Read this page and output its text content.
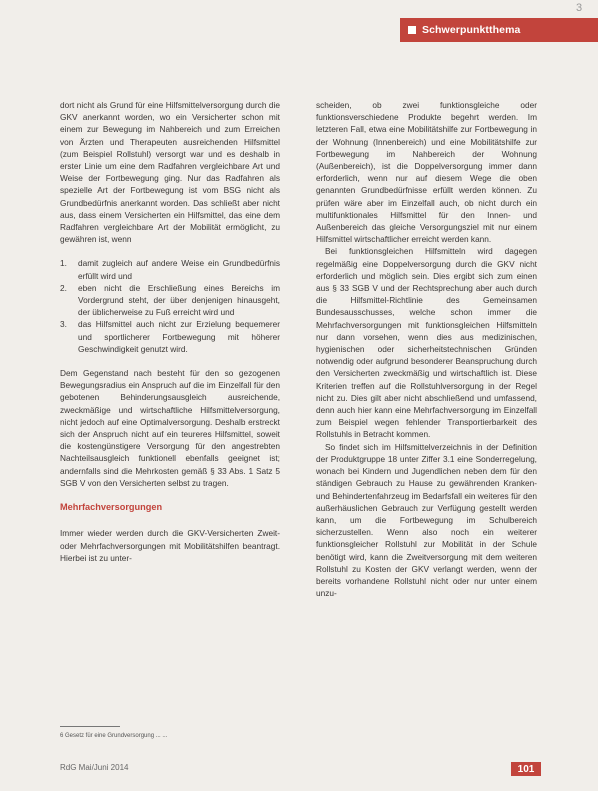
3
Schwerpunktthema

dort nicht als Grund für eine Hilfsmittelversorgung durch die GKV anerkannt worden, wo ein Versicherter schon mit einem zur Bewegung im Nahbereich und zum Erreichen von Ärzten und Therapeuten ausreichenden Hilfsmittel (zum Beispiel Rollstuhl) versorgt war und es deshalb in erster Linie um eine dem Radfahren vergleichbare Art und Weise der Fortbewegung ging. Nur das Radfahren als spezielle Art der Fortbewegung ist vom BSG nicht als Grundbedürfnis anerkannt worden. Das schließt aber nicht aus, dass einem Versicherten ein Hilfsmittel, das eine dem Radfahren vergleichbare Art der Mobilität ermöglicht, zu gewähren ist, wenn

1.	damit zugleich auf andere Weise ein Grundbedürfnis erfüllt wird und
2.	eben nicht die Erschließung eines Bereichs im Vordergrund steht, der über denjenigen hinausgeht, der üblicherweise zu Fuß erreicht wird und
3.	das Hilfsmittel auch nicht zur Erzielung bequemerer und sportlicherer Fortbewegung mit höherer Geschwindigkeit genutzt wird.

Dem Gegenstand nach besteht für den so gezogenen Bewegungsradius ein Anspruch auf die im Einzelfall für den gebotenen Behinderungsausgleich ausreichende, zweckmäßige und wirtschaftliche Hilfsmittelversorgung, nicht jedoch auf eine Optimalversorgung. Deshalb erstreckt sich der Anspruch nicht auf ein teureres Hilfsmittel, soweit die kostengünstigere Versorgung für den angestrebten Nachteilsausgleich funktionell ebenfalls geeignet ist; andernfalls sind die Mehrkosten gemäß § 33 Abs. 1 Satz 5 SGB V von den Versicherten selbst zu tragen.

Mehrfachversorgungen

Immer wieder werden durch die GKV-Versicherten Zweit- oder Mehrfachversorgungen mit Mobilitätshilfen beantragt. Hierbei ist zu unter-

scheiden, ob zwei funktionsgleiche oder funktionsverschiedene Produkte begehrt werden. Im letzteren Fall, etwa eine Mobilitätshilfe zur Fortbewegung in der Wohnung (Innenbereich) und eine Mobilitätshilfe zur Fortbewegung im Nahbereich der Wohnung (Außenbereich), ist die Doppelversorgung immer dann erforderlich, wenn nur auf diesem Wege die oben genannten Grundbedürfnisse erfüllt werden können. Zu prüfen wäre aber im Einzelfall auch, ob nicht durch ein multifunktionales Hilfsmittel für den Innen- und Außenbereich das gleiche Versorgungsziel mit nur einem Hilfsmittel wirtschaftlicher erreicht werden kann.

Bei funktionsgleichen Hilfsmitteln wird dagegen regelmäßig eine Doppelversorgung durch die GKV nicht erforderlich und möglich sein. Dies ergibt sich zum einen aus § 33 SGB V und der Rechtsprechung aber auch durch die Hilfsmittel-Richtlinie des Gemeinsamen Bundesausschusses, welche schon immer die Mehrfachversorgungen mit funktionsgleichen Hilfsmitteln nur dann vorsehen, wenn dies aus medizinischen, hygienischen oder sicherheitstechnischen Gründen notwendig oder aufgrund besonderer Beanspruchung durch den Versicherten zweckmäßig und wirtschaftlich ist. Diese Kriterien treffen auf die Rollstuhlversorgung in der Regel nicht zu. Dies gilt aber nicht abschließend und umfassend, denn auch hier kann eine Mehrfachversorgung im Einzelfall zum Beispiel wegen fehlender Transportierbarkeit des Rollstuhls in Betracht kommen.

So findet sich im Hilfsmittelverzeichnis in der Definition der Produktgruppe 18 unter Ziffer 3.1 eine Sonderregelung, wonach bei Kindern und Jugendlichen neben dem für den ständigen Gebrauch zu Hause zu gewährenden Kranken- und Behindertenfahrzeug im Bedarfsfall ein weiteres für den außerhäuslichen Gebrauch zur Verfügung gestellt werden kann, um die Fortbewegung im Schulbereich sicherzustellen. Wenn also noch ein weiterer funktionsgleicher Rollstuhl zur Mobilität in der Schule benötigt wird, kann die Zweitversorgung mit dem weiteren Rollstuhl zu Kosten der GKV verlangt werden, wenn der bereits vorhandene Rollstuhl nicht oder nur unter einem unzu-

6 Gesetz für eine Grundversorgung ... ...
RdG Mai/Juni 2014	101
